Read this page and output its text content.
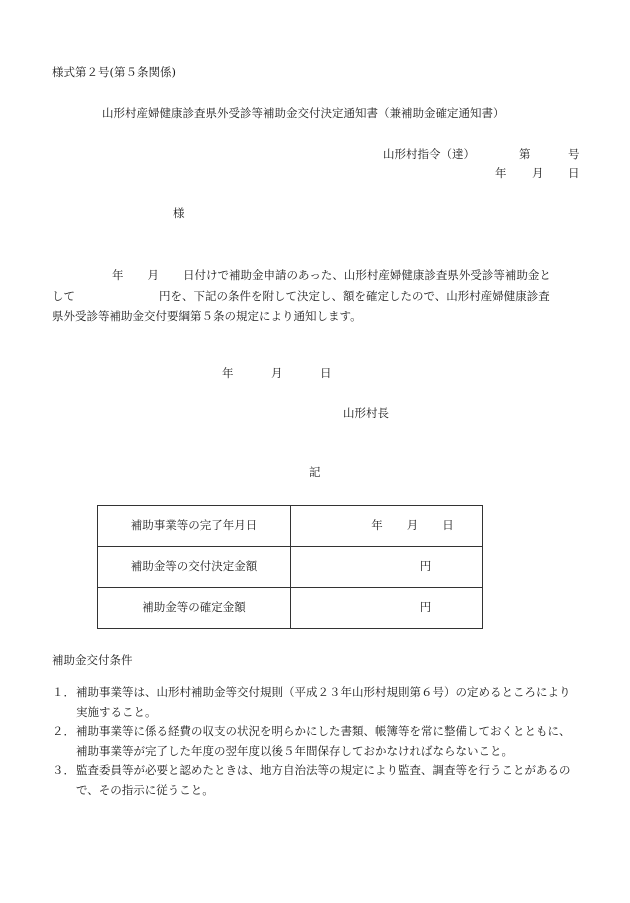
様式第２号(第５条関係)
山形村産婦健康診査県外受診等補助金交付決定通知書（兼補助金確定通知書）
山形村指令（達）	第	号
年 月 日
様
年 月 日付けで補助金申請のあった、山形村産婦健康診査県外受診等補助金と
して	円を、下記の条件を附して決定し、額を確定したので、山形村産婦健康診査
県外受診等補助金交付要綱第５条の規定により通知します。
年	月	日
山形村長
記
補助事業等の完了年月日	年 月 日
補助金等の交付決定金額	円
補助金等の確定金額	円
補助金交付条件
１． 補助事業等は、山形村補助金等交付規則（平成２３年山形村規則第６号）の定めるところにより
実施すること。
２． 補助事業等に係る経費の収支の状況を明らかにした書類、帳簿等を常に整備しておくとともに、
補助事業等が完了した年度の翌年度以後５年間保存しておかなければならないこと。
３． 監査委員等が必要と認めたときは、地方自治法等の規定により監査、調査等を行うことがあるの
で、その指示に従うこと。
